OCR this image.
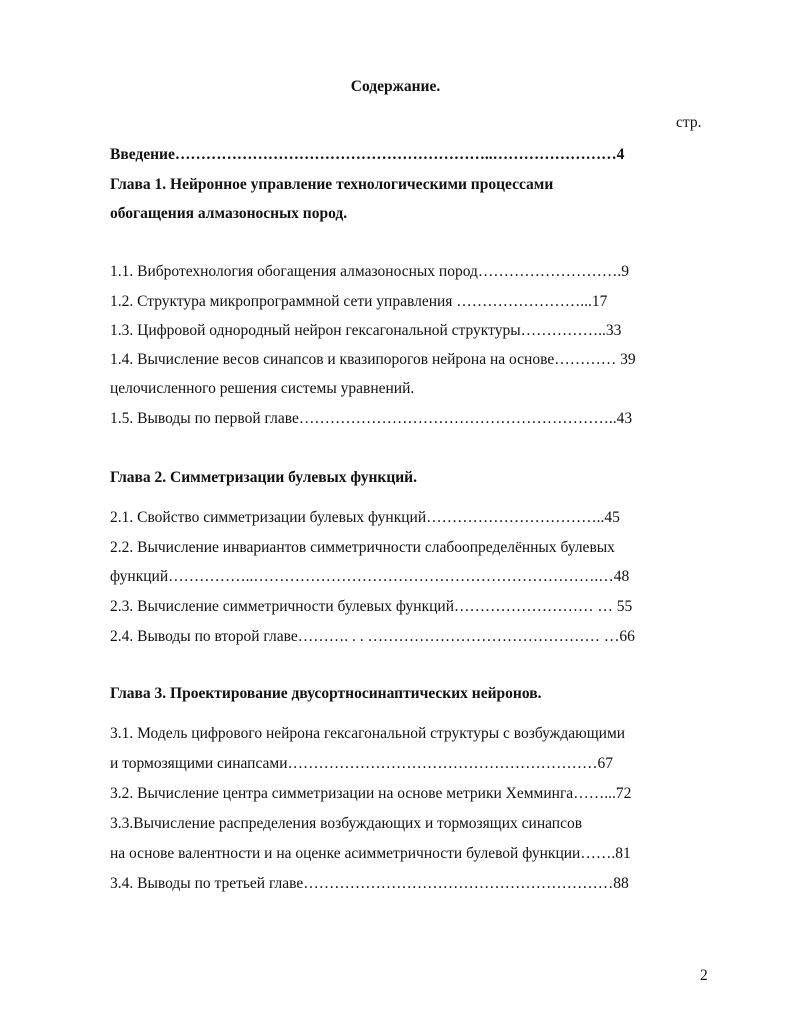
Содержание.
стр.
Введение……………………………………………………..……………………4
Глава 1. Нейронное управление технологическими процессами
обогащения алмазоносных пород.
1.1. Вибротехнология обогащения алмазоносных пород……………………….9
1.2. Структура микропрограммной сети управления ……………………...17
1.3. Цифровой однородный нейрон гексагональной структуры……………..33
1.4. Вычисление весов синапсов и квазипорогов нейрона на основе………… 39
целочисленного решения системы уравнений.
1.5. Выводы по первой главе……………………………………………………..43
Глава 2. Симметризации булевых функций.
2.1. Свойство симметризации булевых функций……………………………..45
2.2. Вычисление инвариантов симметричности слабоопределённых булевых
функций……………..………………………………………………………….…48
2.3. Вычисление симметричности булевых функций……………………… … 55
2.4. Выводы по второй главе………. . . ……………………………………… …66
Глава 3. Проектирование двусортносинаптических нейронов.
3.1. Модель цифрового нейрона гексагональной структуры с возбуждающими
и тормозящими синапсами……………………………………………………67
3.2. Вычисление центра симметризации на основе метрики Хемминга……...72
3.3.Вычисление распределения возбуждающих и тормозящих синапсов
на основе валентности и на оценке асимметричности булевой функции…….81
3.4. Выводы по третьей главе……………………………………………………88
2
